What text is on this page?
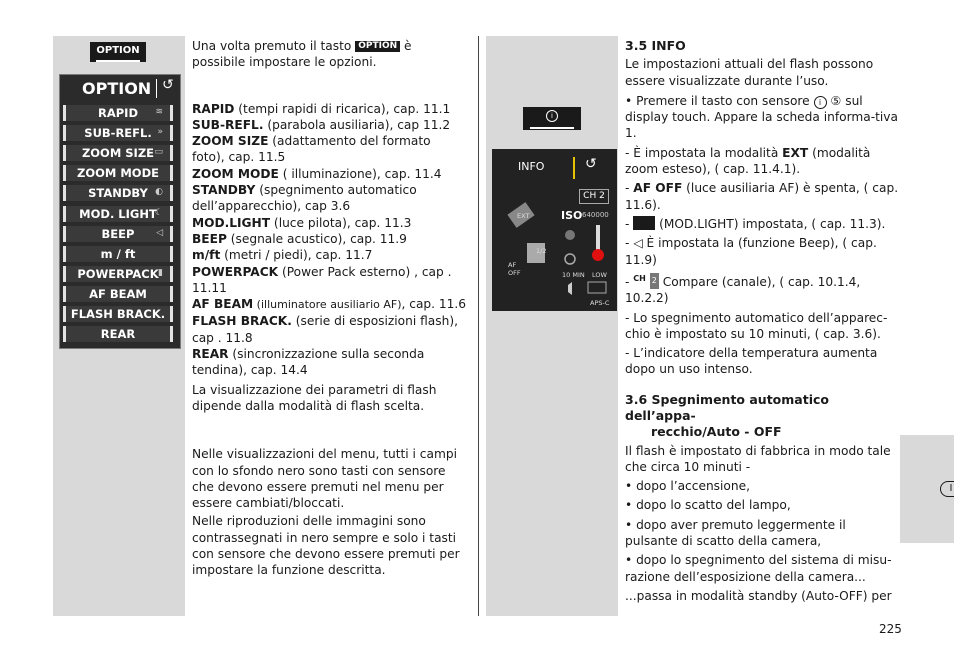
OPTION
OPTION ↺
RAPID	≋
SUB-REFL. »
ZOOM SIZE ▭
ZOOM MODE
STANDBY ◐
MOD. LIGHT
☾
BEEP	◁
m / ft
POWERPACK ▮
AF BEAM
FLASH BRACK.
REAR

Una volta premuto il tasto OPTION è possibile impostare le opzioni.

RAPID (tempi rapidi di ricarica), cap. 11.1

SUB-REFL. (parabola ausiliaria), cap 11.2

ZOOM SIZE (adattamento del formato foto), cap. 11.5

ZOOM MODE ( illuminazione), cap. 11.4

STANDBY (spegnimento automatico dell’apparecchio), cap 3.6

MOD.LIGHT (luce pilota), cap. 11.3

BEEP (segnale acustico), cap. 11.9

m/ft (metri / piedi), cap. 11.7

POWERPACK (Power Pack esterno) , cap . 11.11

AF BEAM (illuminatore ausiliario AF), cap. 11.6

FLASH BRACK. (serie di esposizioni flash), cap . 11.8

REAR (sincronizzazione sulla seconda tendina), cap. 14.4

La visualizzazione dei parametri di flash dipende dalla modalità di flash scelta.

Nelle visualizzazioni del menu, tutti i campi con lo sfondo nero sono tasti con sensore che devono essere premuti nel menu per essere cambiati/bloccati.

Nelle riproduzioni delle immagini sono contrassegnati in nero sempre e solo i tasti con sensore che devono essere premuti per impostare la funzione descritta.

i
INFO	↺
CH 2
ISO 640000
EXT
1/2
AF
OFF	10 MIN LOW
APS-C

3.5 INFO

Le impostazioni attuali del flash possono essere visualizzate durante l’uso.

• Premere il tasto con sensore i ⑤ sul display touch. Appare la scheda informa-tiva 1.

- È impostata la modalità EXT (modalità zoom esteso), ( cap. 11.4.1).

- AF OFF (luce ausiliaria AF) è spenta, ( cap. 11.6).

-  (MOD.LIGHT) impostata, ( cap. 11.3).

- ◁ È impostata la (funzione Beep), ( cap. 11.9)

- $^{CH}$ 2 Compare (canale), ( cap. 10.1.4, 10.2.2)

- Lo spegnimento automatico dell’apparec-chio è impostato su 10 minuti, ( cap. 3.6).

- L’indicatore della temperatura aumenta dopo un uso intenso.

3.6 Spegnimento automatico dell’appa-

recchio/Auto - OFF

Il flash è impostato di fabbrica in modo tale che circa 10 minuti -

• dopo l’accensione,

• dopo lo scatto del lampo,

• dopo aver premuto leggermente il pulsante di scatto della camera,

• dopo lo spegnimento del sistema di misu-razione dell’esposizione della camera...

...passa in modalità standby (Auto-OFF) per

I
225
